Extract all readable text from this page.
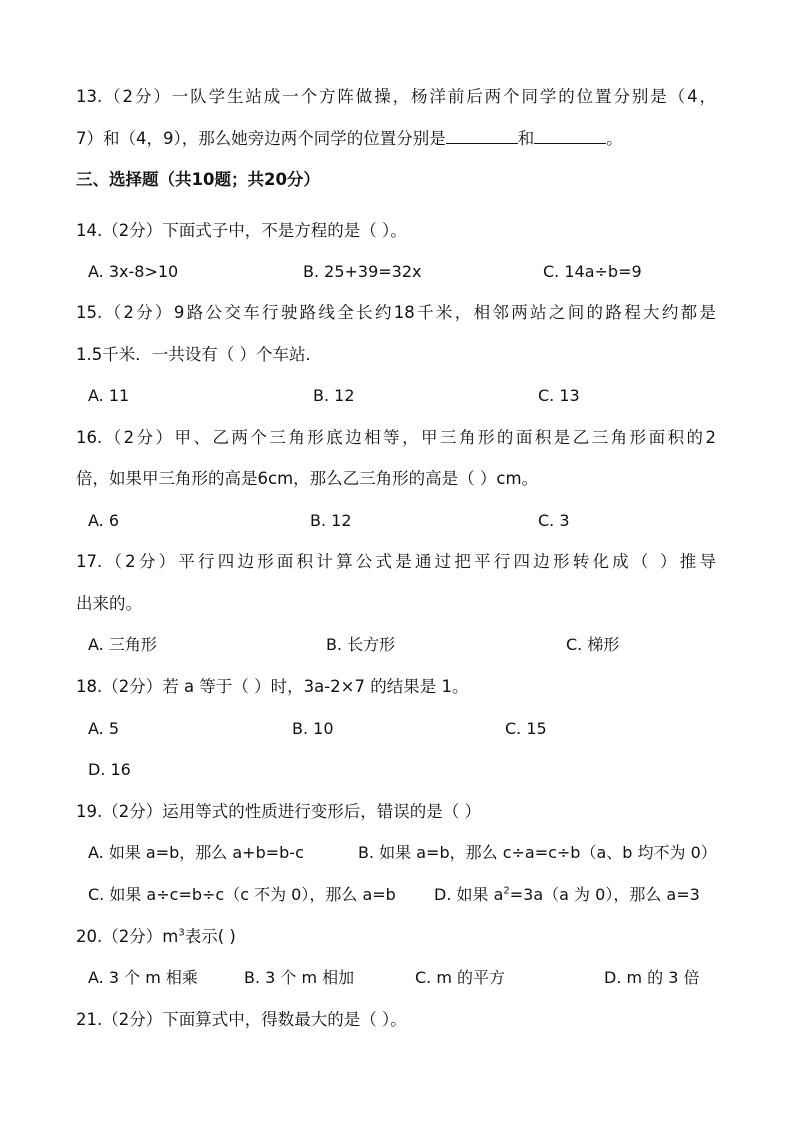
13.（2分）一队学生站成一个方阵做操，杨洋前后两个同学的位置分别是（4，
7）和（4，9），那么她旁边两个同学的位置分别是	和	。
三、选择题（共10题；共20分）
14.（2分）下面式子中，不是方程的是（ ）。
A. 3x-8>10	B. 25+39=32x	C. 14a÷b=9
15.（2分）9路公交车行驶路线全长约18千米，相邻两站之间的路程大约都是
1.5千米．一共设有（ ）个车站．
A. 11	B. 12	C. 13
16.（2分）甲、乙两个三角形底边相等，甲三角形的面积是乙三角形面积的2
倍，如果甲三角形的高是6cm，那么乙三角形的高是（ ）cm。
A. 6	B. 12	C. 3
17.（2分）平行四边形面积计算公式是通过把平行四边形转化成（ ）推导
出来的。
A. 三角形	B. 长方形	C. 梯形
18.（2分）若 a 等于（ ）时，3a-2×7 的结果是 1。
A. 5	B. 10	C. 15
D. 16
19.（2分）运用等式的性质进行变形后，错误的是（ ）
A. 如果 a=b，那么 a+b=b-c	B. 如果 a=b，那么 c÷a=c÷b（a、b 均不为 0）
C. 如果 a÷c=b÷c（c 不为 0），那么 a=b D. 如果 $a^2=3a(a$ 为 0），那么 a=3
20.（2分）$m^3$表示( )
A. 3 个 m 相乘	B. 3 个 m 相加	C. m 的平方	D. m 的 3 倍
21.（2分）下面算式中，得数最大的是（ ）。
